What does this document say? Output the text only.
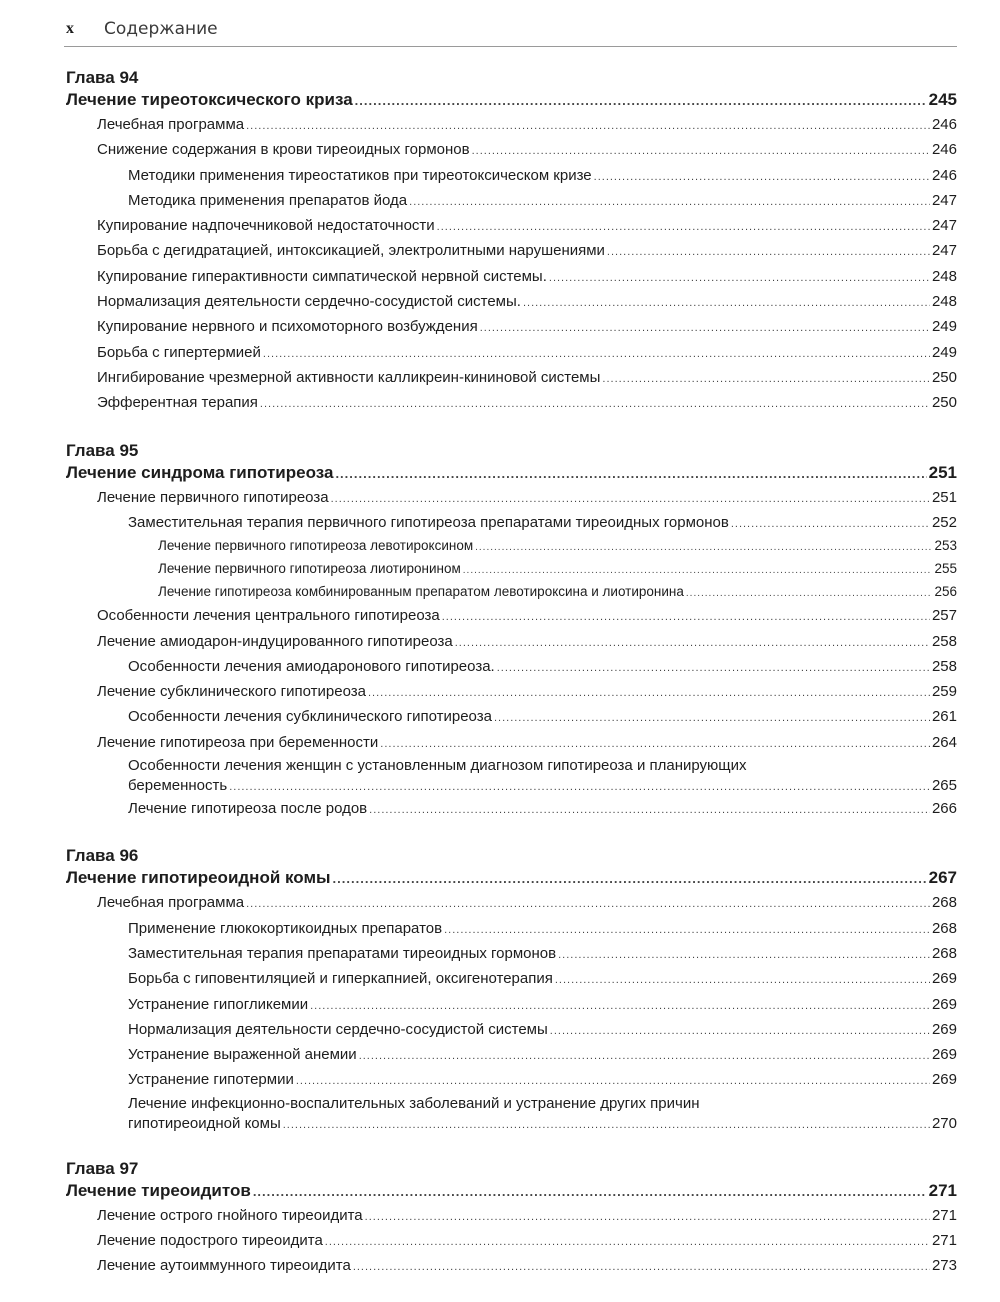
x Содержание
Глава 94
Лечение тиреотоксического криза .....	245
Лечебная программа .....	246
Снижение содержания в крови тиреоидных гормонов .....	246
Методики применения тиреостатиков при тиреотоксическом кризе .....	246
Методика применения препаратов йода .....	247
Купирование надпочечниковой недостаточности .....	247
Борьба с дегидратацией, интоксикацией, электролитными нарушениями .....	247
Купирование гиперактивности симпатической нервной системы. .....	248
Нормализация деятельности сердечно-сосудистой системы. .....	248
Купирование нервного и психомоторного возбуждения .....	249
Борьба с гипертермией .....	249
Ингибирование чрезмерной активности калликреин-кининовой системы .....	250
Эфферентная терапия .....	250
Глава 95
Лечение синдрома гипотиреоза .....	251
Лечение первичного гипотиреоза .....	251
Заместительная терапия первичного гипотиреоза препаратами тиреоидных гормонов .....	252
Лечение первичного гипотиреоза левотироксином .....	253
Лечение первичного гипотиреоза лиотиронином .....	255
Лечение гипотиреоза комбинированным препаратом левотироксина и лиотиронина .....	256
Особенности лечения центрального гипотиреоза .....	257
Лечение амиодарон-индуцированного гипотиреоза .....	258
Особенности лечения амиодаронового гипотиреоза. .....	258
Лечение субклинического гипотиреоза .....	259
Особенности лечения субклинического гипотиреоза .....	261
Лечение гипотиреоза при беременности .....	264
Особенности лечения женщин с установленным диагнозом гипотиреоза и планирующих
беременность .....	265
Лечение гипотиреоза после родов .....	266
Глава 96
Лечение гипотиреоидной комы .....	267
Лечебная программа .....	268
Применение глюкокортикоидных препаратов .....	268
Заместительная терапия препаратами тиреоидных гормонов .....	268
Борьба с гиповентиляцией и гиперкапнией, оксигенотерапия .....	269
Устранение гипогликемии .....	269
Нормализация деятельности сердечно-сосудистой системы .....	269
Устранение выраженной анемии .....	269
Устранение гипотермии .....	269
Лечение инфекционно-воспалительных заболеваний и устранение других причин
гипотиреоидной комы .....	270
Глава 97
Лечение тиреоидитов .....	271
Лечение острого гнойного тиреоидита .....	271
Лечение подострого тиреоидита .....	271
Лечение аутоиммунного тиреоидита .....	273
